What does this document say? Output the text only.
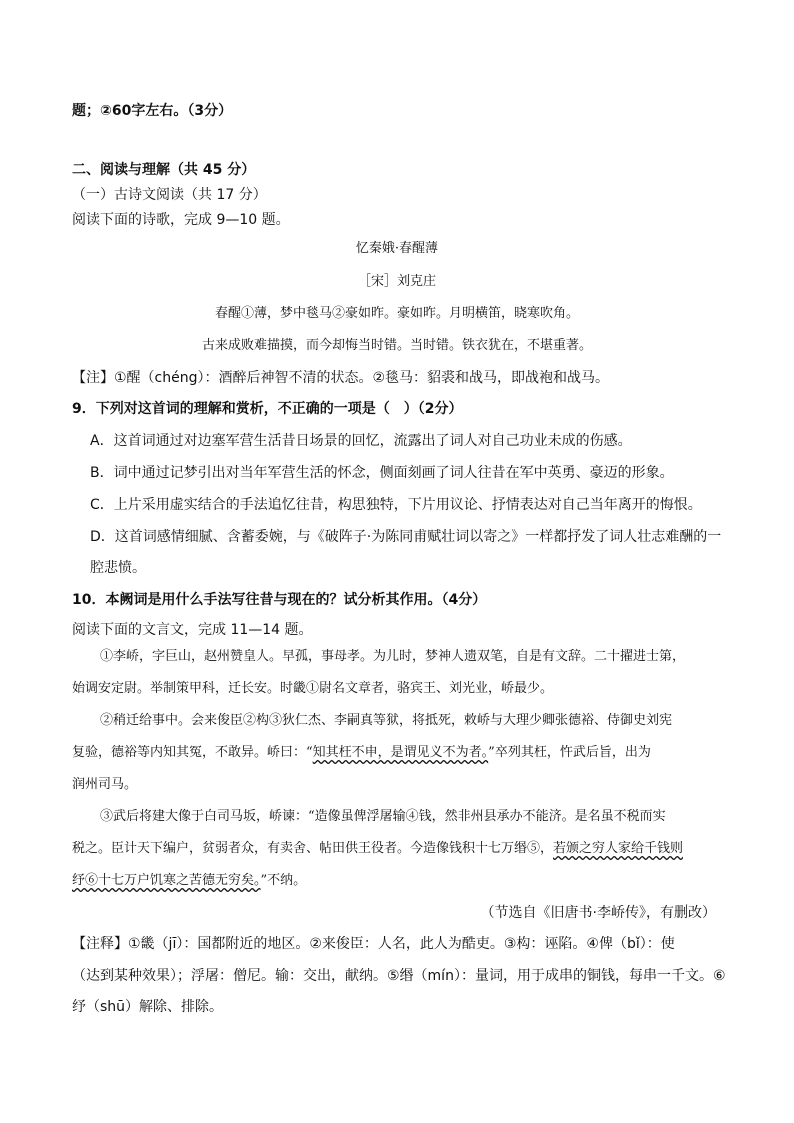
题；②60字左右。（3分）
二、阅读与理解（共 45 分）
（一）古诗文阅读（共 17 分）
阅读下面的诗歌，完成 9—10 题。
忆秦娥·春醒薄
［宋］刘克庄
春醒①薄，梦中毯马②豪如昨。豪如昨。月明横笛，晓寒吹角。
古来成败难描摸，而今却悔当时错。当时错。铁衣犹在，不堪重著。
【注】①醒（chéng）：酒醉后神智不清的状态。②毯马：貂裘和战马，即战袍和战马。
9．下列对这首词的理解和赏析，不正确的一项是（　）（2分）
A．这首词通过对边塞军营生活昔日场景的回忆，流露出了词人对自己功业未成的伤感。
B．词中通过记梦引出对当年军营生活的怀念，侧面刻画了词人往昔在军中英勇、豪迈的形象。
C．上片采用虚实结合的手法追忆往昔，构思独特，下片用议论、抒情表达对自己当年离开的悔恨。
D．这首词感情细腻、含蓄委婉，与《破阵子·为陈同甫赋壮词以寄之》一样都抒发了词人壮志难酬的一
腔悲愤。
10．本阙词是用什么手法写往昔与现在的？试分析其作用。（4分）
阅读下面的文言文，完成 11—14 题。
①李峤，字巨山，赵州赞皇人。早孤，事母孝。为儿时，梦神人遗双笔，自是有文辞。二十擢进士第，
始调安定尉。举制策甲科，迁长安。时畿①尉名文章者，骆宾王、刘光业，峤最少。
②稍迁给事中。会来俊臣②构③狄仁杰、李嗣真等狱，将抵死，敕峤与大理少卿张德裕、侍御史刘宪
复验，德裕等内知其冤，不敢异。峤曰：“知其枉不申，是谓见义不为者。”卒列其枉，忤武后旨，出为
润州司马。
③武后将建大像于白司马坂，峤谏：“造像虽俾浮屠输④钱，然非州县承办不能济。是名虽不税而实
税之。臣计天下编户，贫弱者众，有卖舍、帖田供王役者。今造像钱积十七万缗⑤，若颁之穷人家给千钱则
纾⑥十七万户饥寒之苦德无穷矣。”不纳。
（节选自《旧唐书·李峤传》，有删改）
【注释】①畿（jī）：国都附近的地区。②来俊臣：人名，此人为酷吏。③构：诬陷。④俾（bǐ）：使
（达到某种效果）；浮屠：僧尼。输：交出，献纳。⑤缗（mín）：量词，用于成串的铜钱，每串一千文。⑥
纾（shū）解除、排除。
